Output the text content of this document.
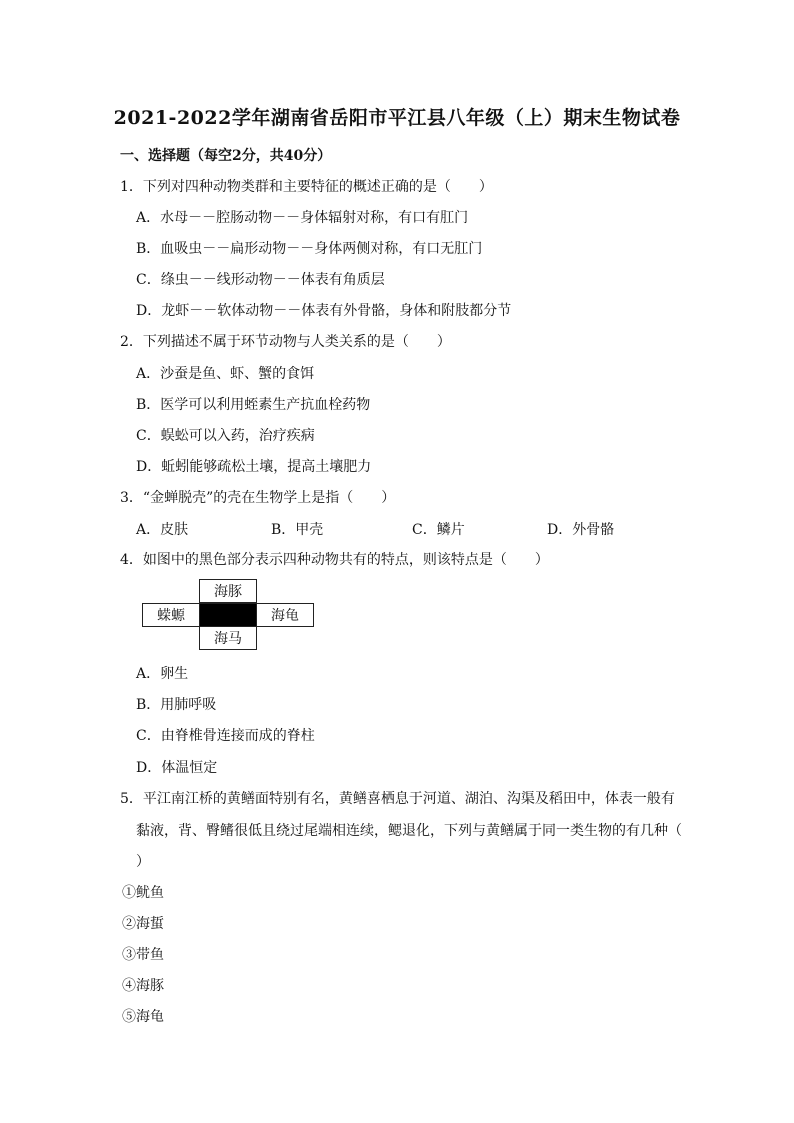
2021-2022学年湖南省岳阳市平江县八年级（上）期末生物试卷
一、选择题（每空2分，共40分）
1．下列对四种动物类群和主要特征的概述正确的是（　　）
A．水母－－腔肠动物－－身体辐射对称，有口有肛门
B．血吸虫－－扁形动物－－身体两侧对称，有口无肛门
C．绦虫－－线形动物－－体表有角质层
D．龙虾－－软体动物－－体表有外骨骼，身体和附肢都分节
2．下列描述不属于环节动物与人类关系的是（　　）
A．沙蚕是鱼、虾、蟹的食饵
B．医学可以利用蛭素生产抗血栓药物
C．蜈蚣可以入药，治疗疾病
D．蚯蚓能够疏松土壤，提高土壤肥力
3．“金蝉脱壳”的壳在生物学上是指（　　）
A．皮肤	B．甲壳	C．鳞片	D．外骨骼
4．如图中的黑色部分表示四种动物共有的特点，则该特点是（　　）
海豚
蝾螈	海龟
海马
A．卵生
B．用肺呼吸
C．由脊椎骨连接而成的脊柱
D．体温恒定
5．平江南江桥的黄鳝面特别有名，黄鳝喜栖息于河道、湖泊、沟渠及稻田中，体表一般有
黏液，背、臀鳍很低且绕过尾端相连续，鳃退化，下列与黄鳝属于同一类生物的有几种（
）
①鱿鱼
②海蜇
③带鱼
④海豚
⑤海龟
